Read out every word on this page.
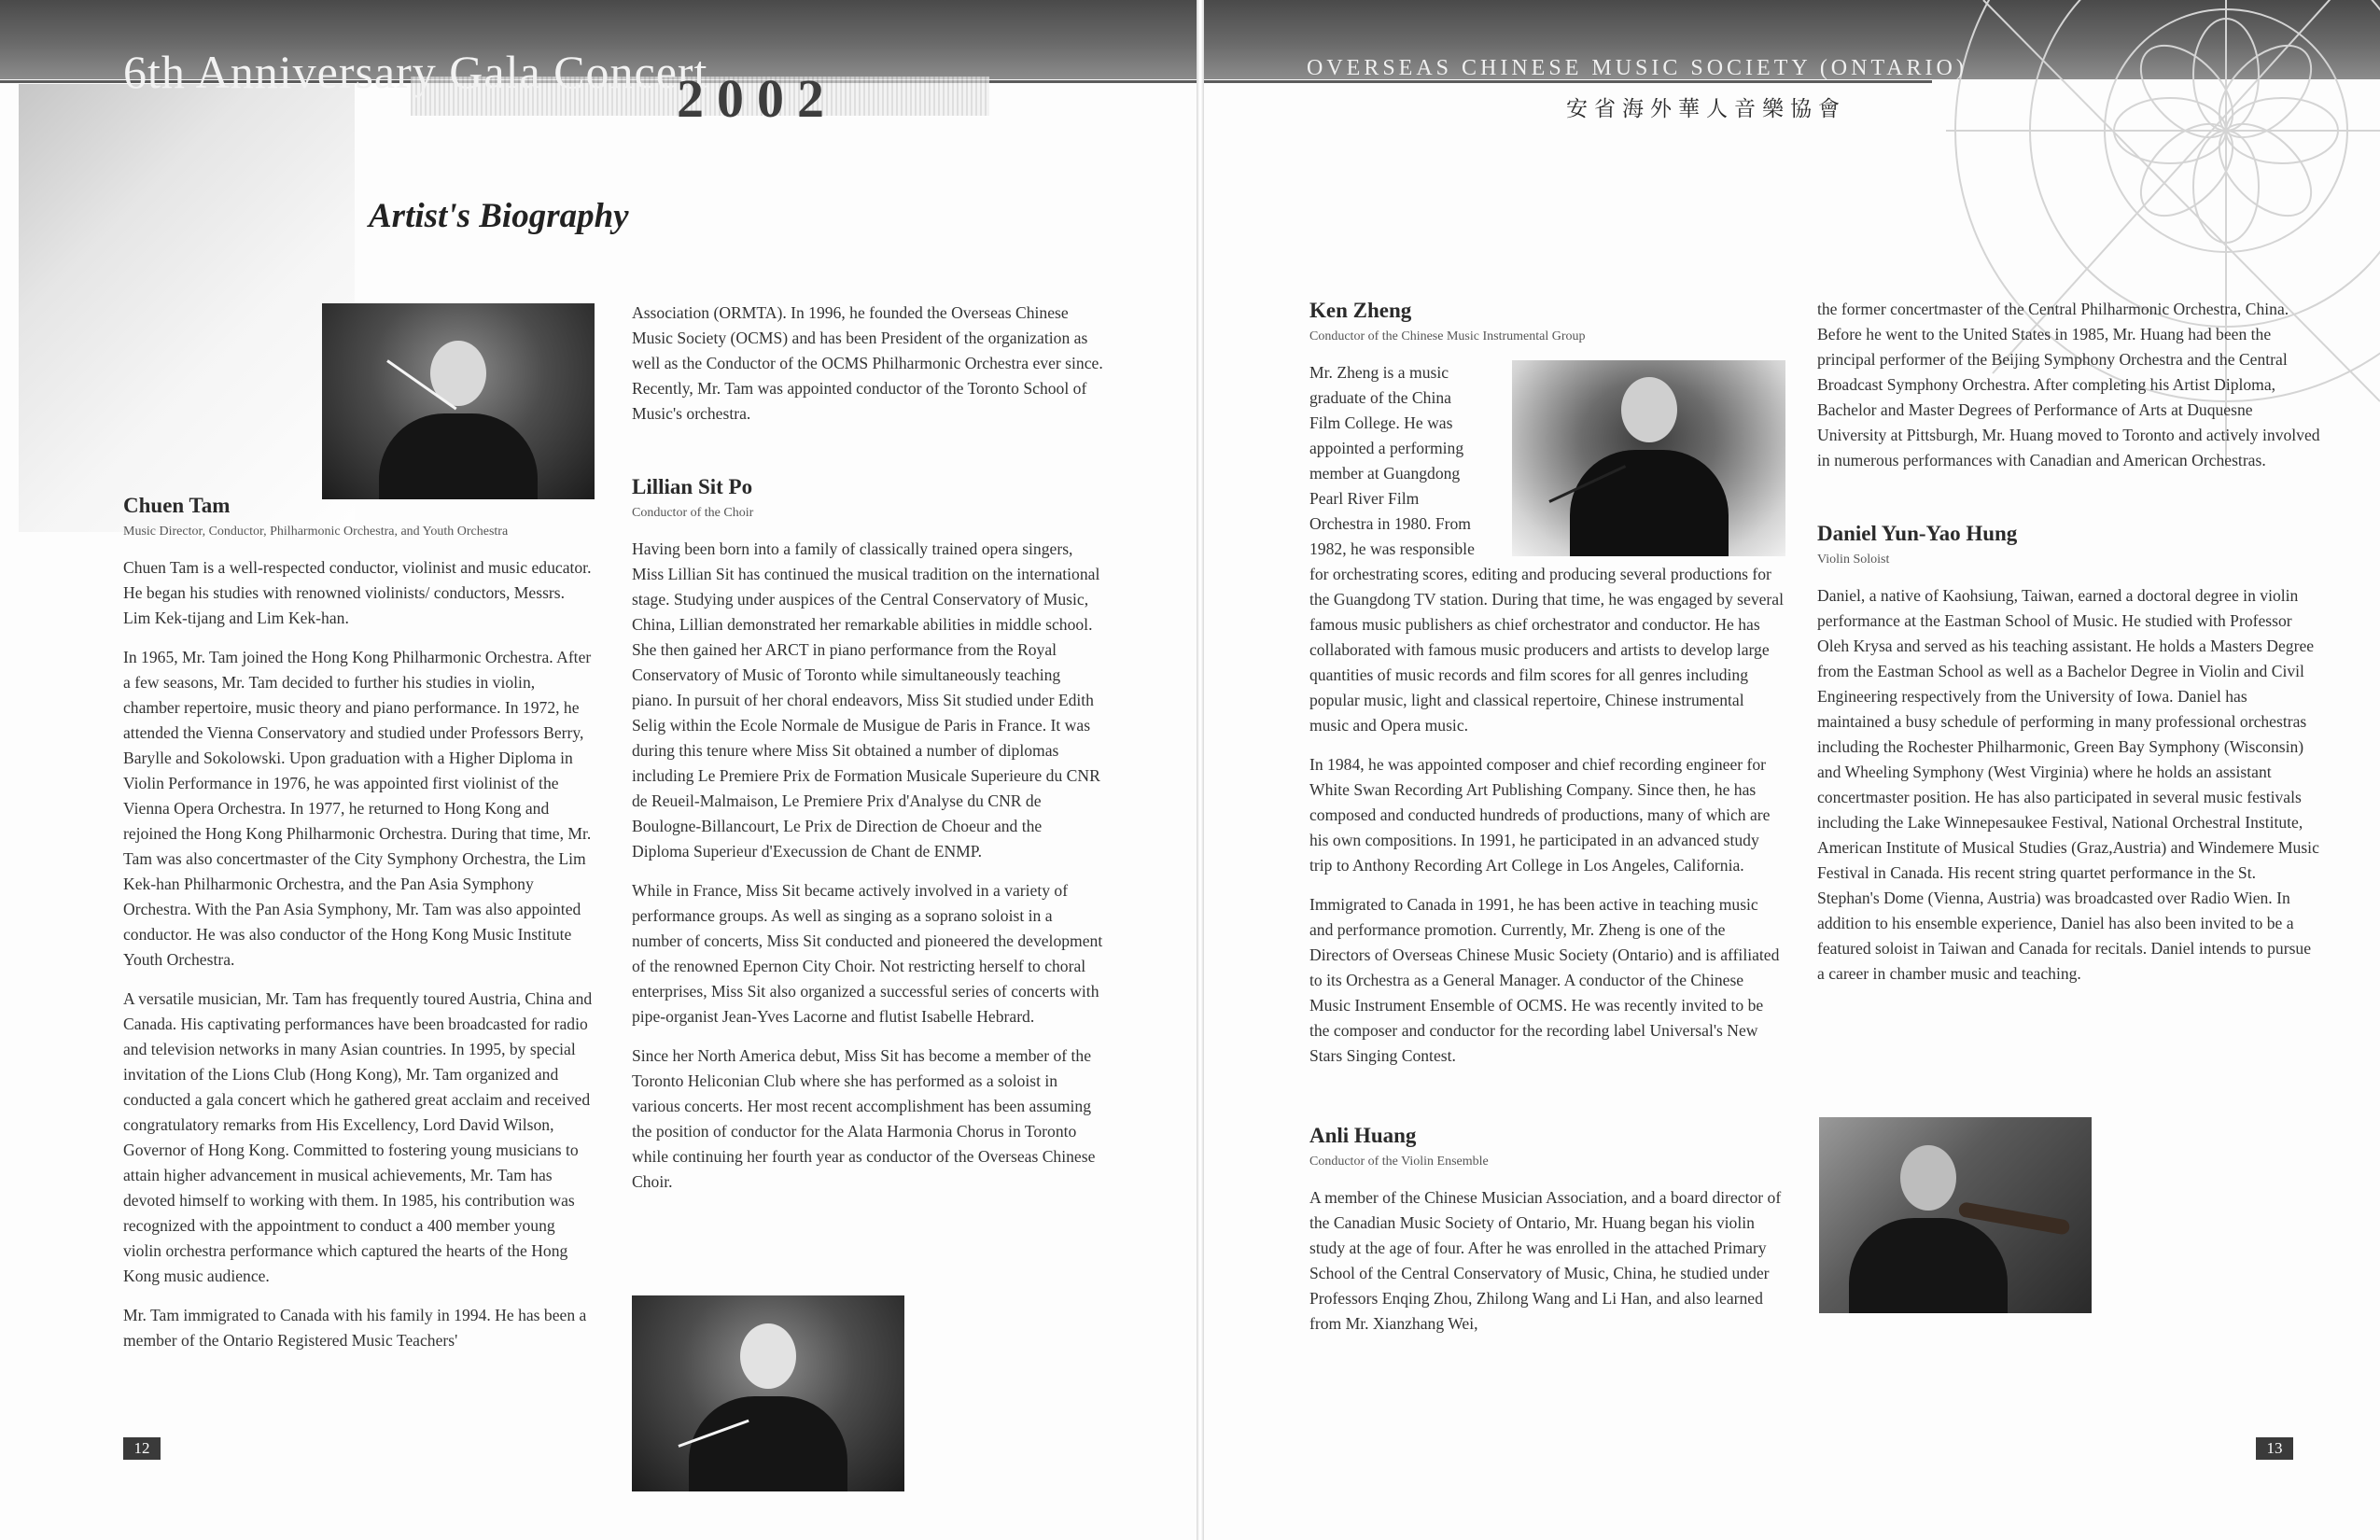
6th Anniversary Gala Concert
2002
Artist's Biography
Chuen Tam
Music Director, Conductor, Philharmonic Orchestra, and Youth Orchestra

Chuen Tam is a well-respected conductor, violinist and music educator. He began his studies with renowned violinists/ conductors, Messrs. Lim Kek-tijang and Lim Kek-han.

In 1965, Mr. Tam joined the Hong Kong Philharmonic Orchestra. After a few seasons, Mr. Tam decided to further his studies in violin, chamber repertoire, music theory and piano performance. In 1972, he attended the Vienna Conservatory and studied under Professors Berry, Barylle and Sokolowski. Upon graduation with a Higher Diploma in Violin Performance in 1976, he was appointed first violinist of the Vienna Opera Orchestra. In 1977, he returned to Hong Kong and rejoined the Hong Kong Philharmonic Orchestra. During that time, Mr. Tam was also concertmaster of the City Symphony Orchestra, the Lim Kek-han Philharmonic Orchestra, and the Pan Asia Symphony Orchestra. With the Pan Asia Symphony, Mr. Tam was also appointed conductor. He was also conductor of the Hong Kong Music Institute Youth Orchestra.

A versatile musician, Mr. Tam has frequently toured Austria, China and Canada. His captivating performances have been broadcasted for radio and television networks in many Asian countries. In 1995, by special invitation of the Lions Club (Hong Kong), Mr. Tam organized and conducted a gala concert which he gathered great acclaim and received congratulatory remarks from His Excellency, Lord David Wilson, Governor of Hong Kong. Committed to fostering young musicians to attain higher advancement in musical achievements, Mr. Tam has devoted himself to working with them. In 1985, his contribution was recognized with the appointment to conduct a 400 member young violin orchestra performance which captured the hearts of the Hong Kong music audience.

Mr. Tam immigrated to Canada with his family in 1994. He has been a member of the Ontario Registered Music Teachers'

Association (ORMTA). In 1996, he founded the Overseas Chinese Music Society (OCMS) and has been President of the organization as well as the Conductor of the OCMS Philharmonic Orchestra ever since. Recently, Mr. Tam was appointed conductor of the Toronto School of Music's orchestra.

Lillian Sit Po
Conductor of the Choir

Having been born into a family of classically trained opera singers, Miss Lillian Sit has continued the musical tradition on the international stage. Studying under auspices of the Central Conservatory of Music, China, Lillian demonstrated her remarkable abilities in middle school. She then gained her ARCT in piano performance from the Royal Conservatory of Music of Toronto while simultaneously teaching piano. In pursuit of her choral endeavors, Miss Sit studied under Edith Selig within the Ecole Normale de Musigue de Paris in France. It was during this tenure where Miss Sit obtained a number of diplomas including Le Premiere Prix de Formation Musicale Superieure du CNR de Reueil-Malmaison, Le Premiere Prix d'Analyse du CNR de Boulogne-Billancourt, Le Prix de Direction de Choeur and the Diploma Superieur d'Execussion de Chant de ENMP.

While in France, Miss Sit became actively involved in a variety of performance groups. As well as singing as a soprano soloist in a number of concerts, Miss Sit conducted and pioneered the development of the renowned Epernon City Choir. Not restricting herself to choral enterprises, Miss Sit also organized a successful series of concerts with pipe-organist Jean-Yves Lacorne and flutist Isabelle Hebrard.

Since her North America debut, Miss Sit has become a member of the Toronto Heliconian Club where she has performed as a soloist in various concerts. Her most recent accomplishment has been assuming the position of conductor for the Alata Harmonia Chorus in Toronto while continuing her fourth year as conductor of the Overseas Chinese Choir.

12
OVERSEAS CHINESE MUSIC SOCIETY (ONTARIO)
安省海外華人音樂協會
Ken Zheng
Conductor of the Chinese Music Instrumental Group

Mr. Zheng is a music graduate of the China Film College. He was appointed a performing member at Guangdong Pearl River Film Orchestra in 1980. From 1982, he was responsible for orchestrating scores, editing and producing several productions for the Guangdong TV station. During that time, he was engaged by several famous music publishers as chief orchestrator and conductor. He has collaborated with famous music producers and artists to develop large quantities of music records and film scores for all genres including popular music, light and classical repertoire, Chinese instrumental music and Opera music.

In 1984, he was appointed composer and chief recording engineer for White Swan Recording Art Publishing Company. Since then, he has composed and conducted hundreds of productions, many of which are his own compositions. In 1991, he participated in an advanced study trip to Anthony Recording Art College in Los Angeles, California.

Immigrated to Canada in 1991, he has been active in teaching music and performance promotion. Currently, Mr. Zheng is one of the Directors of Overseas Chinese Music Society (Ontario) and is affiliated to its Orchestra as a General Manager. A conductor of the Chinese Music Instrument Ensemble of OCMS. He was recently invited to be the composer and conductor for the recording label Universal's New Stars Singing Contest.

Anli Huang
Conductor of the Violin Ensemble

A member of the Chinese Musician Association, and a board director of the Canadian Music Society of Ontario, Mr. Huang began his violin study at the age of four. After he was enrolled in the attached Primary School of the Central Conservatory of Music, China, he studied under Professors Enqing Zhou, Zhilong Wang and Li Han, and also learned from Mr. Xianzhang Wei,

the former concertmaster of the Central Philharmonic Orchestra, China. Before he went to the United States in 1985, Mr. Huang had been the principal performer of the Beijing Symphony Orchestra and the Central Broadcast Symphony Orchestra. After completing his Artist Diploma, Bachelor and Master Degrees of Performance of Arts at Duquesne University at Pittsburgh, Mr. Huang moved to Toronto and actively involved in numerous performances with Canadian and American Orchestras.

Daniel Yun-Yao Hung
Violin Soloist

Daniel, a native of Kaohsiung, Taiwan, earned a doctoral degree in violin performance at the Eastman School of Music. He studied with Professor Oleh Krysa and served as his teaching assistant. He holds a Masters Degree from the Eastman School as well as a Bachelor Degree in Violin and Civil Engineering respectively from the University of Iowa. Daniel has maintained a busy schedule of performing in many professional orchestras including the Rochester Philharmonic, Green Bay Symphony (Wisconsin) and Wheeling Symphony (West Virginia) where he holds an assistant concertmaster position. He has also participated in several music festivals including the Lake Winnepesaukee Festival, National Orchestral Institute, American Institute of Musical Studies (Graz,Austria) and Windemere Music Festival in Canada. His recent string quartet performance in the St. Stephan's Dome (Vienna, Austria) was broadcasted over Radio Wien. In addition to his ensemble experience, Daniel has also been invited to be a featured soloist in Taiwan and Canada for recitals. Daniel intends to pursue a career in chamber music and teaching.

13
